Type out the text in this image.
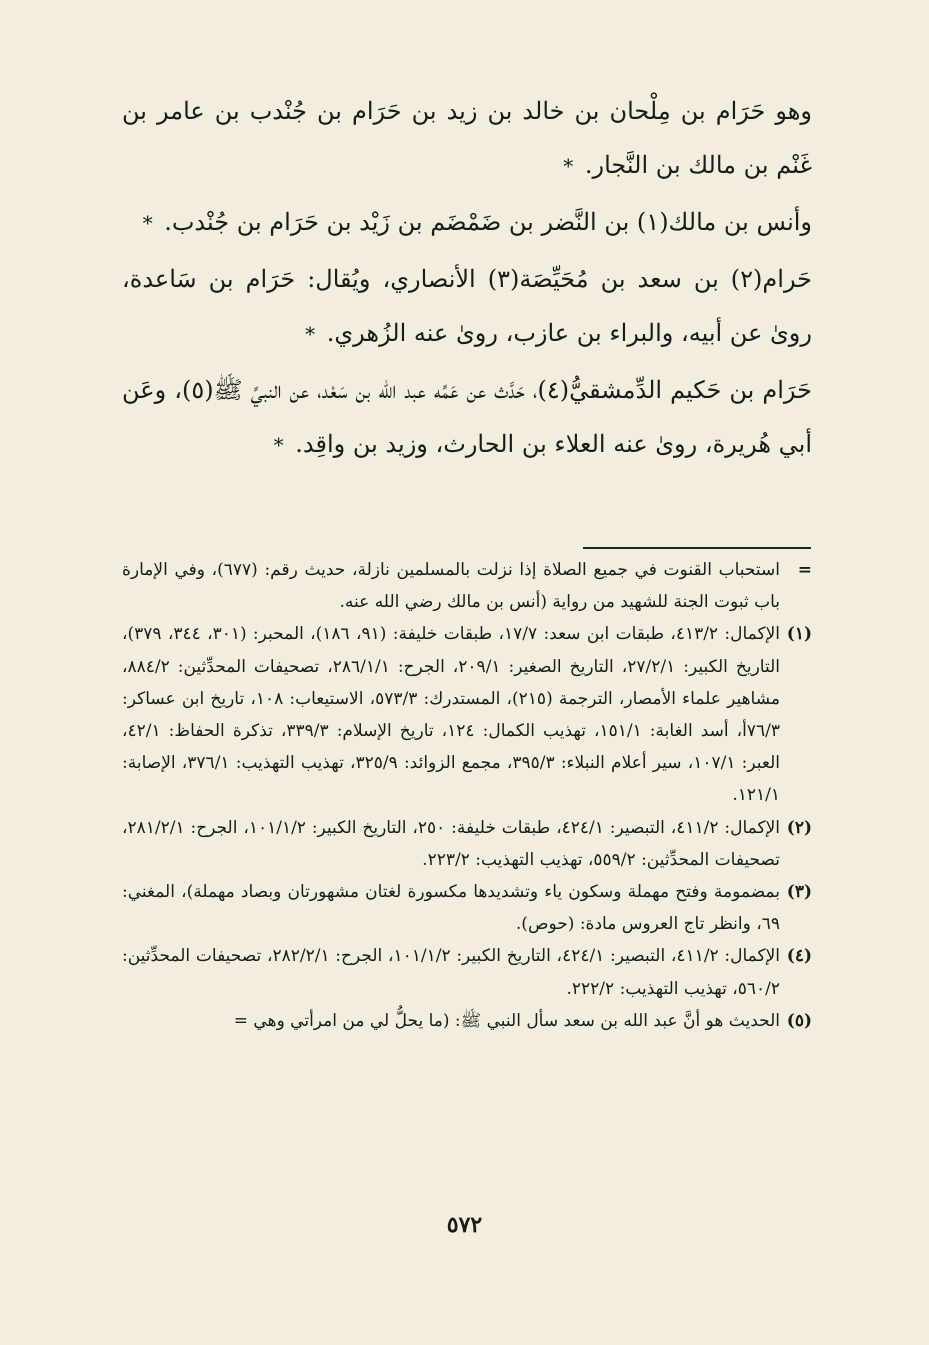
وهو حَرَام بن مِلْحان بن خالد بن زيد بن حَرَام بن جُنْدب بن عامر بن غَنْم بن مالك بن النَّجار. *

وأنس بن مالك(١) بن النَّضر بن ضَمْضَم بن زَيْد بن حَرَام بن جُنْدب. *

حَرام(٢) بن سعد بن مُحَيِّصَة(٣) الأنصاري، ويُقال: حَرَام بن سَاعدة، روىٰ عن أبيه، والبراء بن عازب، روىٰ عنه الزُهري. *

حَرَام بن حَكيم الدِّمشقيُّ(٤)، حَدَّث عن عَمِّه عبد الله بن سَعْد، عن النبيِّ ﷺ(٥)، وعَن أبي هُريرة، روىٰ عنه العلاء بن الحارث، وزيد بن واقِد. *

=
استحباب القنوت في جميع الصلاة إذا نزلت بالمسلمين نازلة، حديث رقم: (٦٧٧)، وفي الإمارة باب ثبوت الجنة للشهيد من رواية (أنس بن مالك رضي الله عنه.
(١)
الإكمال: ٤١٣/٢، طبقات ابن سعد: ١٧/٧، طبقات خليفة: (٩١، ١٨٦)، المحبر: (٣٠١، ٣٤٤، ٣٧٩)، التاريخ الكبير: ٢٧/٢/١، التاريخ الصغير: ٢٠٩/١، الجرح: ٢٨٦/١/١، تصحيفات المحدِّثين: ٨٨٤/٢، مشاهير علماء الأمصار، الترجمة (٢١٥)، المستدرك: ٥٧٣/٣، الاستيعاب: ١٠٨، تاريخ ابن عساكر: ٧٦/٣أ، أسد الغابة: ١٥١/١، تهذيب الكمال: ١٢٤، تاريخ الإسلام: ٣٣٩/٣، تذكرة الحفاظ: ٤٢/١، العبر: ١٠٧/١، سير أعلام النبلاء: ٣٩٥/٣، مجمع الزوائد: ٣٢٥/٩، تهذيب التهذيب: ٣٧٦/١، الإصابة: ١٢١/١.
(٢)
الإكمال: ٤١١/٢، التبصير: ٤٢٤/١، طبقات خليفة: ٢٥٠، التاريخ الكبير: ١٠١/١/٢، الجرح: ٢٨١/٢/١، تصحيفات المحدِّثين: ٥٥٩/٢، تهذيب التهذيب: ٢٢٣/٢.
(٣)
بمضمومة وفتح مهملة وسكون ياء وتشديدها مكسورة لغتان مشهورتان وبصاد مهملة)، المغني: ٦٩، وانظر تاج العروس مادة: (حوص).
(٤)
الإكمال: ٤١١/٢، التبصير: ٤٢٤/١، التاريخ الكبير: ١٠١/١/٢، الجرح: ٢٨٢/٢/١، تصحيفات المحدِّثين: ٥٦٠/٢، تهذيب التهذيب: ٢٢٢/٢.
(٥)
الحديث هو أنَّ عبد الله بن سعد سأل النبي ﷺ: (ما يحلُّ لي من امرأتي وهي =
٥٧٢
